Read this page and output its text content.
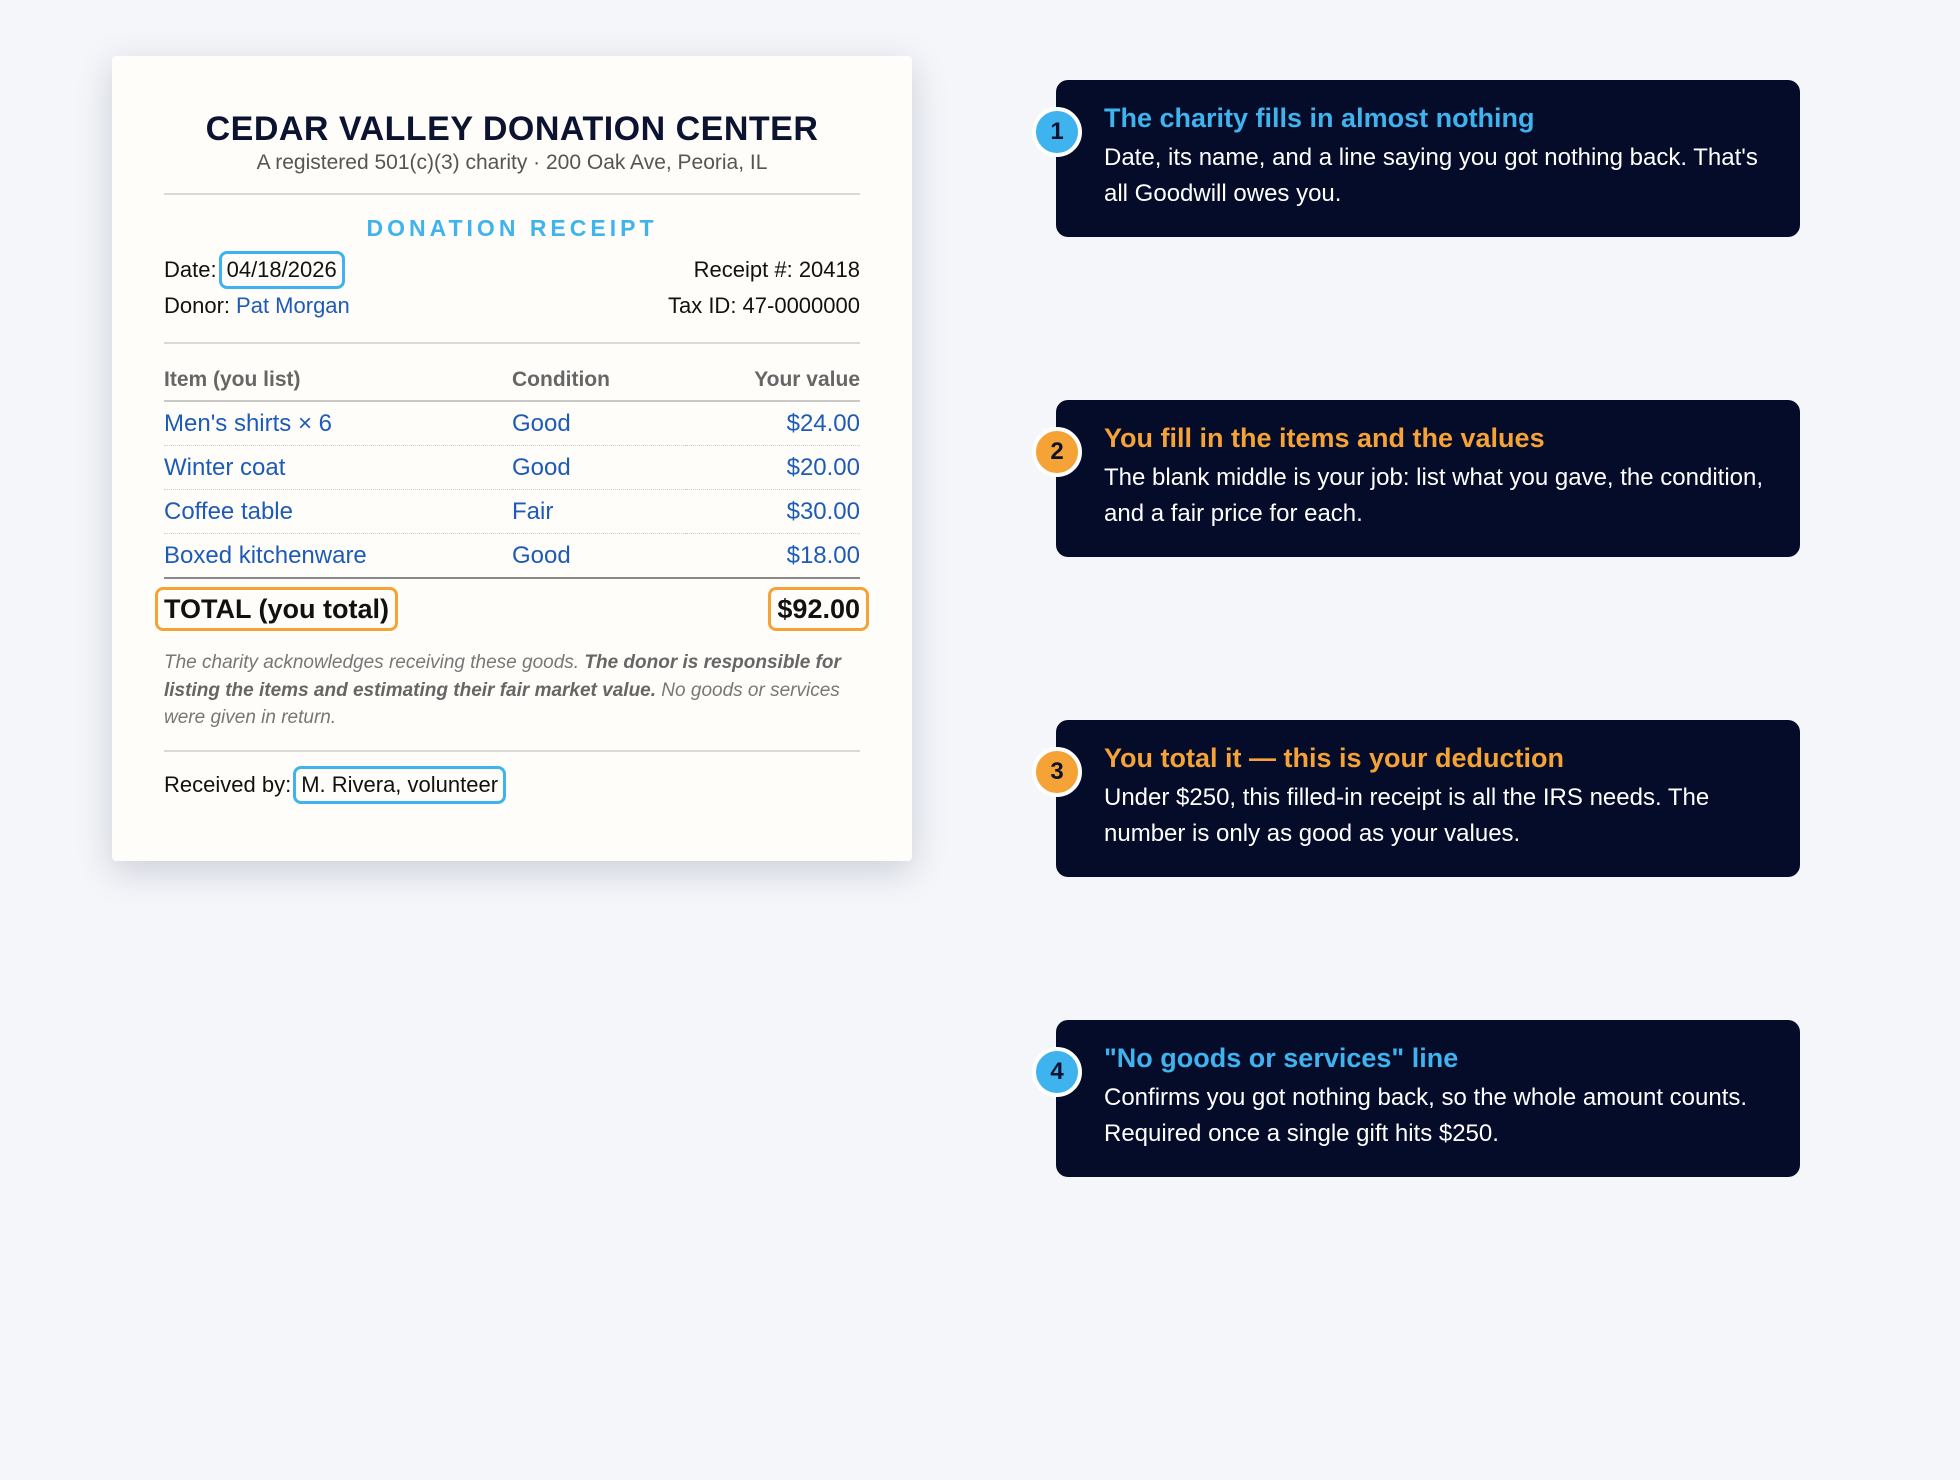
CEDAR VALLEY DONATION CENTER
A registered 501(c)(3) charity · 200 Oak Ave, Peoria, IL
DONATION RECEIPT
Date: 04/18/2026	Receipt #: 20418
Donor: Pat Morgan	Tax ID: 47-0000000
Item (you list)	Condition	Your value
Men's shirts × 6	Good	$24.00
Winter coat	Good	$20.00
Coffee table	Fair	$30.00
Boxed kitchenware	Good	$18.00
TOTAL (you total)	$92.00
The charity acknowledges receiving these goods. The donor is responsible for listing the items and estimating their fair market value. No goods or services were given in return.
Received by: M. Rivera, volunteer
1	The charity fills in almost nothing
Date, its name, and a line saying you got nothing back. That's all Goodwill owes you.
2	You fill in the items and the values
The blank middle is your job: list what you gave, the condition, and a fair price for each.
3	You total it — this is your deduction
Under $250, this filled-in receipt is all the IRS needs. The number is only as good as your values.
4	"No goods or services" line
Confirms you got nothing back, so the whole amount counts. Required once a single gift hits $250.
